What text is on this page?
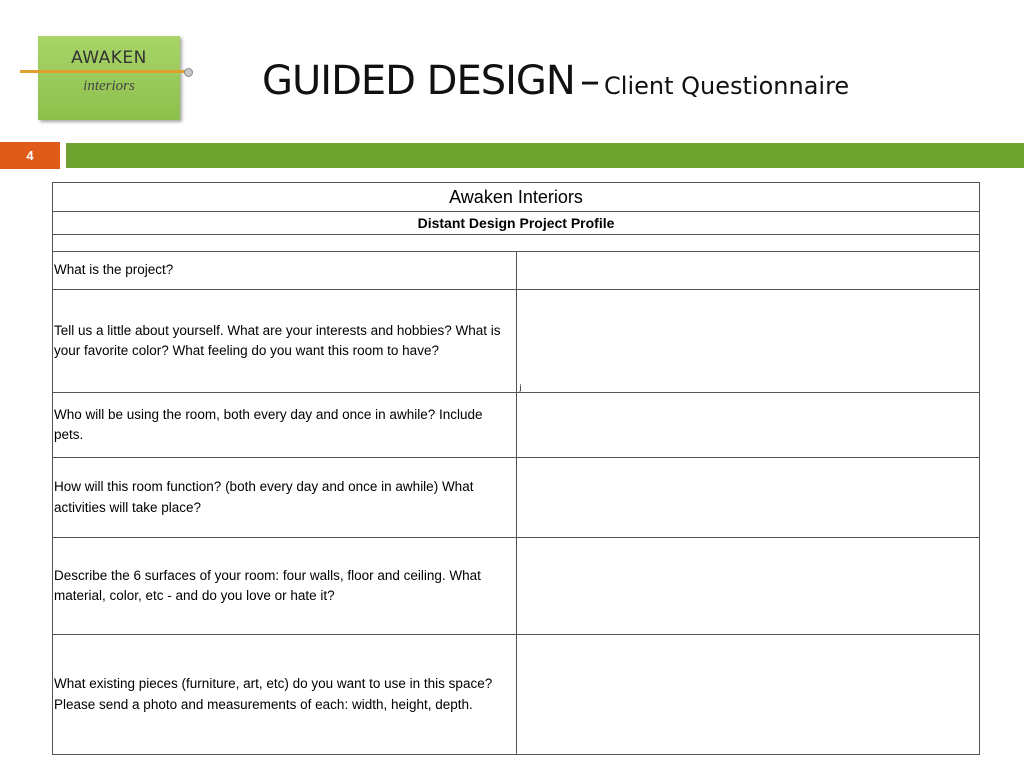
AWAKEN
interiors	GUIDED DESIGN – Client Questionnaire
4
Awaken Interiors	
Distant Design Project Profile	

What is the project?	
Tell us a little about yourself. What are your interests and hobbies? What is your favorite color? What feeling do you want this room to have?	j

Who will be using the room, both every day and once in awhile? Include pets.	
How will this room function? (both every day and once in awhile) What activities will take place?	
Describe the 6 surfaces of your room: four walls, floor and ceiling. What material, color, etc - and do you love or hate it?	
What existing pieces (furniture, art, etc) do you want to use in this space? Please send a photo and measurements of each: width, height, depth.	
